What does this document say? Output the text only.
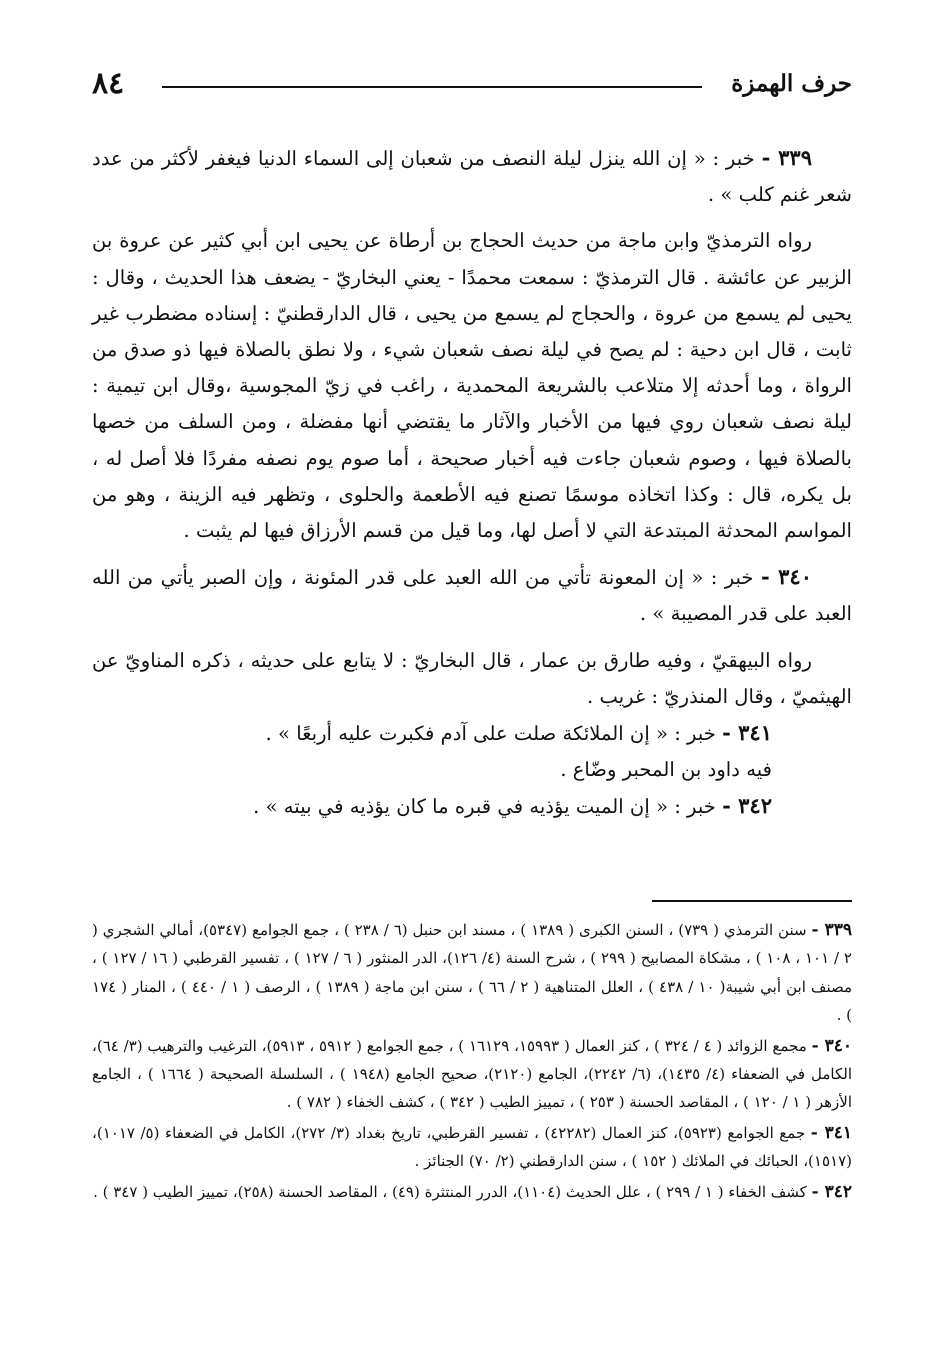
٨٤	حرف الهمزة

٣٣٩ - خبر : « إن الله ينزل ليلة النصف من شعبان إلى السماء الدنيا فيغفر لأكثر من عدد شعر غنم كلب » .

رواه الترمذيّ وابن ماجة من حديث الحجاج بن أرطاة عن يحيى ابن أبي كثير عن عروة بن الزبير عن عائشة . قال الترمذيّ : سمعت محمدًا - يعني البخاريّ - يضعف هذا الحديث ، وقال : يحيى لم يسمع من عروة ، والحجاج لم يسمع من يحيى ، قال الدارقطنيّ : إسناده مضطرب غير ثابت ، قال ابن دحية : لم يصح في ليلة نصف شعبان شيء ، ولا نطق بالصلاة فيها ذو صدق من الرواة ، وما أحدثه إلا متلاعب بالشريعة المحمدية ، راغب في زيّ المجوسية ،وقال ابن تيمية : ليلة نصف شعبان روي فيها من الأخبار والآثار ما يقتضي أنها مفضلة ، ومن السلف من خصها بالصلاة فيها ، وصوم شعبان جاءت فيه أخبار صحيحة ، أما صوم يوم نصفه مفردًا فلا أصل له ، بل يكره، قال : وكذا اتخاذه موسمًا تصنع فيه الأطعمة والحلوى ، وتظهر فيه الزينة ، وهو من المواسم المحدثة المبتدعة التي لا أصل لها، وما قيل من قسم الأرزاق فيها لم يثبت .

٣٤٠ - خبر : « إن المعونة تأتي من الله العبد على قدر المئونة ، وإن الصبر يأتي من الله العبد على قدر المصيبة » .

رواه البيهقيّ ، وفيه طارق بن عمار ، قال البخاريّ : لا يتابع على حديثه ، ذكره المناويّ عن الهيثميّ ، وقال المنذريّ : غريب .

٣٤١ - خبر : « إن الملائكة صلت على آدم فكبرت عليه أربعًا » .

فيه داود بن المحبر وضّاع .

٣٤٢ - خبر : « إن الميت يؤذيه في قبره ما كان يؤذيه في بيته » .

٣٣٩ - سنن الترمذي ( ٧٣٩) ، السنن الكبرى ( ١٣٨٩ ) ، مسند ابن حنبل (٦ / ٢٣٨ ) ، جمع الجوامع (٥٣٤٧)، أمالي الشجري ( ٢ / ١٠١ ، ١٠٨ ) ، مشكاة المصابيح ( ٢٩٩ ) ، شرح السنة (٤/ ١٢٦)، الدر المنثور ( ٦ / ١٢٧ ) ، تفسير القرطبي ( ١٦ / ١٢٧ ) ، مصنف ابن أبي شيبة( ١٠ / ٤٣٨ ) ، العلل المتناهية ( ٢ / ٦٦ ) ، سنن ابن ماجة ( ١٣٨٩ ) ، الرصف ( ١ / ٤٤٠ ) ، المنار ( ١٧٤ ) .

٣٤٠ - مجمع الزوائد ( ٤ / ٣٢٤ ) ، كنز العمال ( ١٥٩٩٣، ١٦١٢٩ ) ، جمع الجوامع ( ٥٩١٢ ، ٥٩١٣)، الترغيب والترهيب (٣/ ٦٤)، الكامل في الضعفاء (٤/ ١٤٣٥)، (٦/ ٢٢٤٢)، الجامع (٢١٢٠)، صحيح الجامع (١٩٤٨ ) ، السلسلة الصحيحة ( ١٦٦٤ ) ، الجامع الأزهر ( ١ / ١٢٠ ) ، المقاصد الحسنة ( ٢٥٣ ) ، تمييز الطيب ( ٣٤٢ ) ، كشف الخفاء ( ٧٨٢ ) .

٣٤١ - جمع الجوامع (٥٩٢٣)، كنز العمال (٤٢٢٨٢) ، تفسير القرطبي، تاريخ بغداد (٣/ ٢٧٢)، الكامل في الضعفاء (٥/ ١٠١٧)، (١٥١٧)، الحبائك في الملائك ( ١٥٢ ) ، سنن الدارقطني (٢/ ٧٠) الجنائز .

٣٤٢ - كشف الخفاء ( ١ / ٢٩٩ ) ، علل الحديث (١١٠٤)، الدرر المنتثرة (٤٩) ، المقاصد الحسنة (٢٥٨)، تمييز الطيب ( ٣٤٧ ) .
